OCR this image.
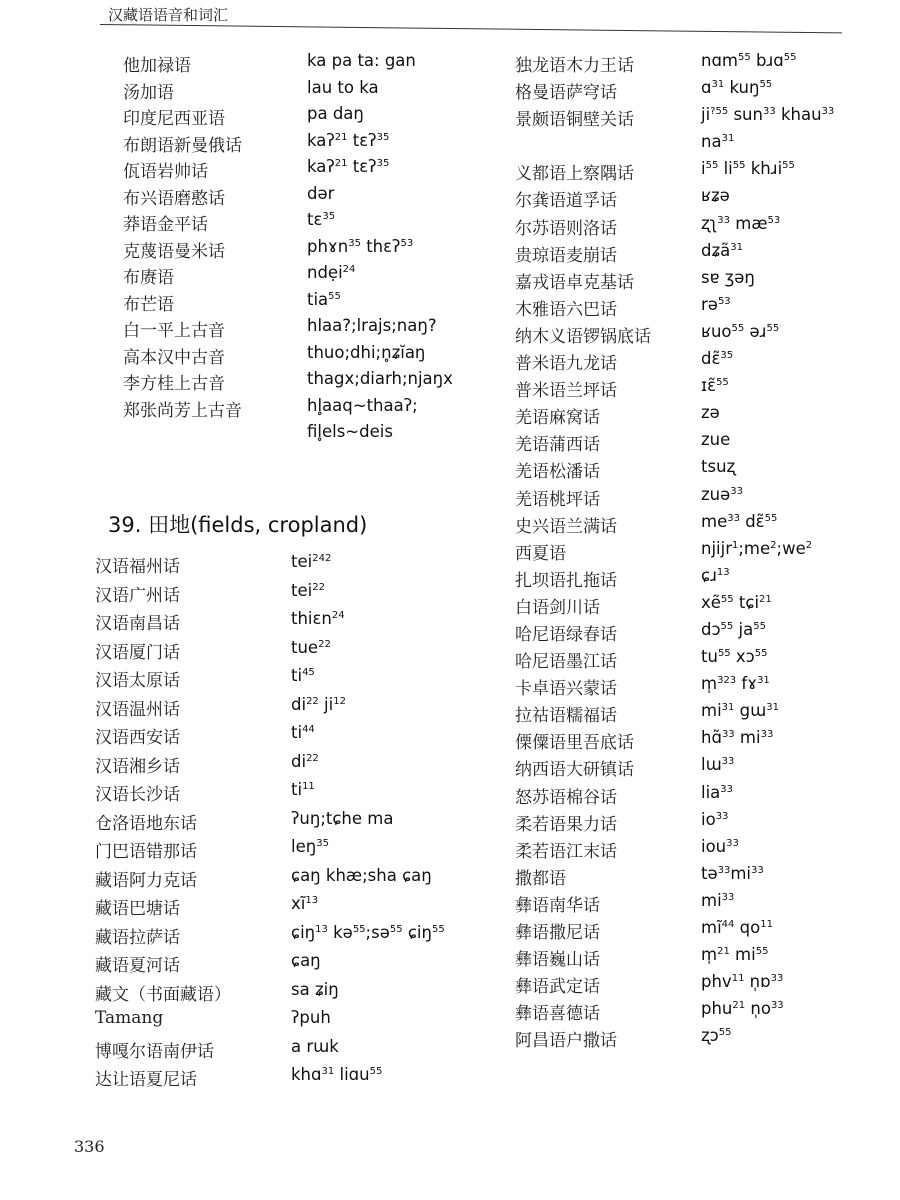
汉藏语语音和词汇
他加禄语	ka pa ta: gan
汤加语	lau to ka
印度尼西亚语	pa daŋ
布朗语新曼俄话	kaʔ$^{21}$ tɛʔ$^{35}$
佤语岩帅话	kaʔ$^{21}$ tɛʔ$^{35}$
布兴语磨憨话	dər
莽语金平话	tɛ$^{35}$
克蔑语曼米话	phɤn$^{35}$ thɛʔ$^{53}$
布赓语	ndẹi$^{24}$
布芒语	tia$^{55}$
白一平上古音	hlaa?;lrajs;naŋ?
高本汉中古音	thuo;dhi;n̥ʑĭaŋ
李方桂上古音	thagx;diarh;njaŋx
郑张尚芳上古音	hl̥aaq~thaaʔ;
fil̥els~deis
39. 田地(fields, cropland)
汉语福州话	tei$^{242}$
汉语广州话	tei$^{22}$
汉语南昌话	thiɛn$^{24}$
汉语厦门话	tue$^{22}$
汉语太原话	$ti^{45}$
汉语温州话	$di^{22}$ $ji^{12}$
汉语西安话	$ti^{44}$
汉语湘乡话	$di^{22}$
汉语长沙话	$ti^{11}$
仓洛语地东话	ʔuŋ;tɕhe ma
门巴语错那话	leŋ$^{35}$
藏语阿力克话	ɕaŋ khæ;sha ɕaŋ
藏语巴塘话	$xĩ^{13}$
藏语拉萨话	ɕiŋ$^{13}$ kə$^{55}$;sə$^{55}$ ɕiŋ$^{55}$
藏语夏河话	ɕaŋ
藏文（书面藏语）	sa ʑiŋ
Tamang	ʔpuh
博嘎尔语南伊话	a rɯk
达让语夏尼话	khɑ$^{31}$ liɑu$^{55}$
独龙语木力王话	nɑm$^{55}$ bɹɑ$^{55}$
格曼语萨穹话	ɑ$^{31}$ kuŋ$^{55}$
景颇语铜壁关话	$ji^{?55}$ sun$^{33}$ khau$^{33}$
$na^{31}$
义都语上察隅话	$i^{55}$ $li^{55}$ khɹi$^{55}$
尔龚语道孚话	ʁʑə
尔苏语则洛话	ʐʅ$^{33}$ $mæ^{53}$
贵琼语麦崩话	dʑã$^{31}$
嘉戎语卓克基话	sɐ ʒəŋ
木雅语六巴话	rə$^{53}$
纳木义语锣锅底话	ʁuo$^{55}$ əɹ$^{55}$
普米语九龙话	dɛ̃$^{35}$
普米语兰坪话	ɪɛ̃$^{55}$
羌语麻窝话	zə
羌语蒲西话	zue
羌语松潘话	tsuʐ
羌语桃坪话	zuə$^{33}$
史兴语兰满话	$me^{33}$ dɛ̃$^{55}$
西夏语	$njijr^1;me^2;we^2$
扎坝语扎拖话	ɕɹ$^{13}$
白语剑川话	xẽ$^{55}$ tɕi$^{21}$
哈尼语绿春话	dɔ$^{55}$ $ja^{55}$
哈尼语墨江话	$tu^{55}$ xɔ$^{55}$
卡卓语兴蒙话	m̩$^{323}$ fɤ$^{31}$
拉祜语糯福话	$mi^{31}$ gɯ$^{31}$
傈僳语里吾底话	hɑ̃$^{33}$ $mi^{33}$
纳西语大研镇话	lɯ$^{33}$
怒苏语棉谷话	lia$^{33}$
柔若语果力话	$io^{33}$
柔若语江末话	iou$^{33}$
撒都语	$tə^{33}mi^{33}$
彝语南华话	$mi^{33}$
彝语撒尼话	$mĩ^{44}$ $qo^{11}$
彝语巍山话	m̩$^{21}$ $mi^{55}$
彝语武定话	phv$^{11}$ n̩ɒ$^{33}$
彝语喜德话	phu$^{21}$ $n̩o^{33}$
阿昌语户撒话	ʐɔ$^{55}$
336
